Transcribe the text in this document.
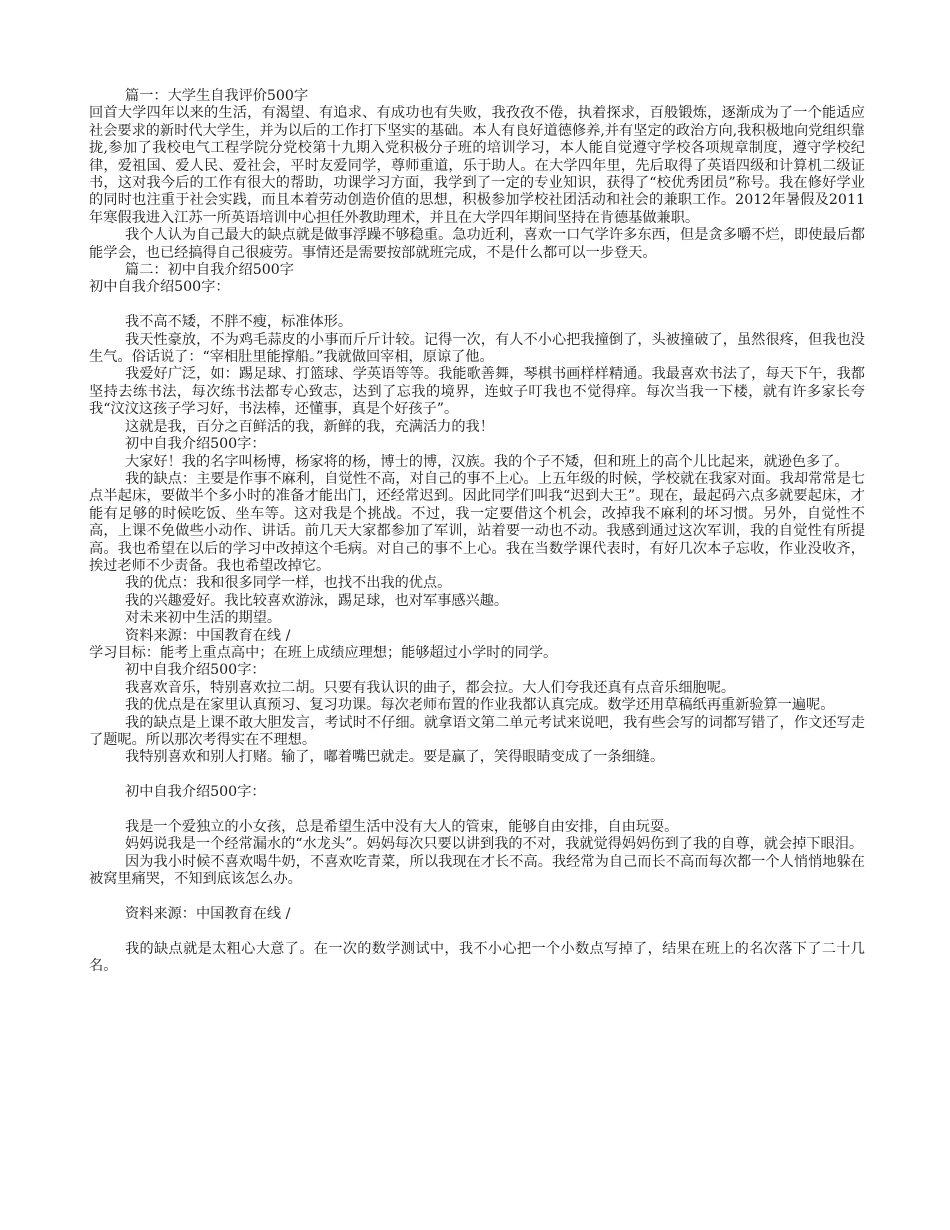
篇一：大学生自我评价500字

回首大学四年以来的生活，有渴望、有追求、有成功也有失败，我孜孜不倦，执着探求，百般锻炼，逐渐成为了一个能适应社会要求的新时代大学生，并为以后的工作打下坚实的基础。本人有良好道德修养,并有坚定的政治方向,我积极地向党组织靠拢,参加了我校电气工程学院分党校第十九期入党积极分子班的培训学习，本人能自觉遵守学校各项规章制度，遵守学校纪律，爱祖国、爱人民、爱社会，平时友爱同学，尊师重道，乐于助人。在大学四年里，先后取得了英语四级和计算机二级证书，这对我今后的工作有很大的帮助，功课学习方面，我学到了一定的专业知识，获得了“校优秀团员”称号。我在修好学业的同时也注重于社会实践，而且本着劳动创造价值的思想，积极参加学校社团活动和社会的兼职工作。2012年暑假及2011年寒假我进入江苏一所英语培训中心担任外教助理术，并且在大学四年期间坚持在肯德基做兼职。

我个人认为自己最大的缺点就是做事浮躁不够稳重。急功近利，喜欢一口气学许多东西，但是贪多嚼不烂，即使最后都能学会，也已经搞得自己很疲劳。事情还是需要按部就班完成，不是什么都可以一步登天。

篇二：初中自我介绍500字

初中自我介绍500字：

我不高不矮，不胖不瘦，标准体形。

我天性豪放，不为鸡毛蒜皮的小事而斤斤计较。记得一次，有人不小心把我撞倒了，头被撞破了，虽然很疼，但我也没生气。俗话说了：“宰相肚里能撑船。”我就做回宰相，原谅了他。

我爱好广泛，如：踢足球、打篮球、学英语等等。我能歌善舞，琴棋书画样样精通。我最喜欢书法了，每天下午，我都坚持去练书法，每次练书法都专心致志，达到了忘我的境界，连蚊子叮我也不觉得痒。每次当我一下楼，就有许多家长夸我“汶汶这孩子学习好，书法棒，还懂事，真是个好孩子”。

这就是我，百分之百鲜活的我，新鲜的我，充满活力的我！

初中自我介绍500字：

大家好！我的名字叫杨博，杨家将的杨，博士的博，汉族。我的个子不矮，但和班上的高个儿比起来，就逊色多了。

我的缺点：主要是作事不麻利，自觉性不高，对自己的事不上心。上五年级的时候，学校就在我家对面。我却常常是七点半起床，要做半个多小时的准备才能出门，还经常迟到。因此同学们叫我“迟到大王”。现在，最起码六点多就要起床，才能有足够的时候吃饭、坐车等。这对我是个挑战。不过，我一定要借这个机会，改掉我不麻利的坏习惯。另外，自觉性不高，上课不免做些小动作、讲话。前几天大家都参加了军训，站着要一动也不动。我感到通过这次军训，我的自觉性有所提高。我也希望在以后的学习中改掉这个毛病。对自己的事不上心。我在当数学课代表时，有好几次本子忘收，作业没收齐，挨过老师不少责备。我也希望改掉它。

我的优点：我和很多同学一样，也找不出我的优点。

我的兴趣爱好。我比较喜欢游泳，踢足球，也对军事感兴趣。

对未来初中生活的期望。

资料来源：中国教育在线 /

学习目标：能考上重点高中；在班上成绩应理想；能够超过小学时的同学。

初中自我介绍500字：

我喜欢音乐，特别喜欢拉二胡。只要有我认识的曲子，都会拉。大人们夸我还真有点音乐细胞呢。

我的优点是在家里认真预习、复习功课。每次老师布置的作业我都认真完成。数学还用草稿纸再重新验算一遍呢。

我的缺点是上课不敢大胆发言，考试时不仔细。就拿语文第二单元考试来说吧，我有些会写的词都写错了，作文还写走了题呢。所以那次考得实在不理想。

我特别喜欢和别人打赌。输了，嘟着嘴巴就走。要是赢了，笑得眼睛变成了一条细缝。

初中自我介绍500字：

我是一个爱独立的小女孩，总是希望生活中没有大人的管束，能够自由安排，自由玩耍。

妈妈说我是一个经常漏水的“水龙头”。妈妈每次只要以讲到我的不对，我就觉得妈妈伤到了我的自尊，就会掉下眼泪。

因为我小时候不喜欢喝牛奶，不喜欢吃青菜，所以我现在才长不高。我经常为自己而长不高而每次都一个人悄悄地躲在被窝里痛哭，不知到底该怎么办。

资料来源：中国教育在线 /

我的缺点就是太粗心大意了。在一次的数学测试中，我不小心把一个小数点写掉了，结果在班上的名次落下了二十几名。
